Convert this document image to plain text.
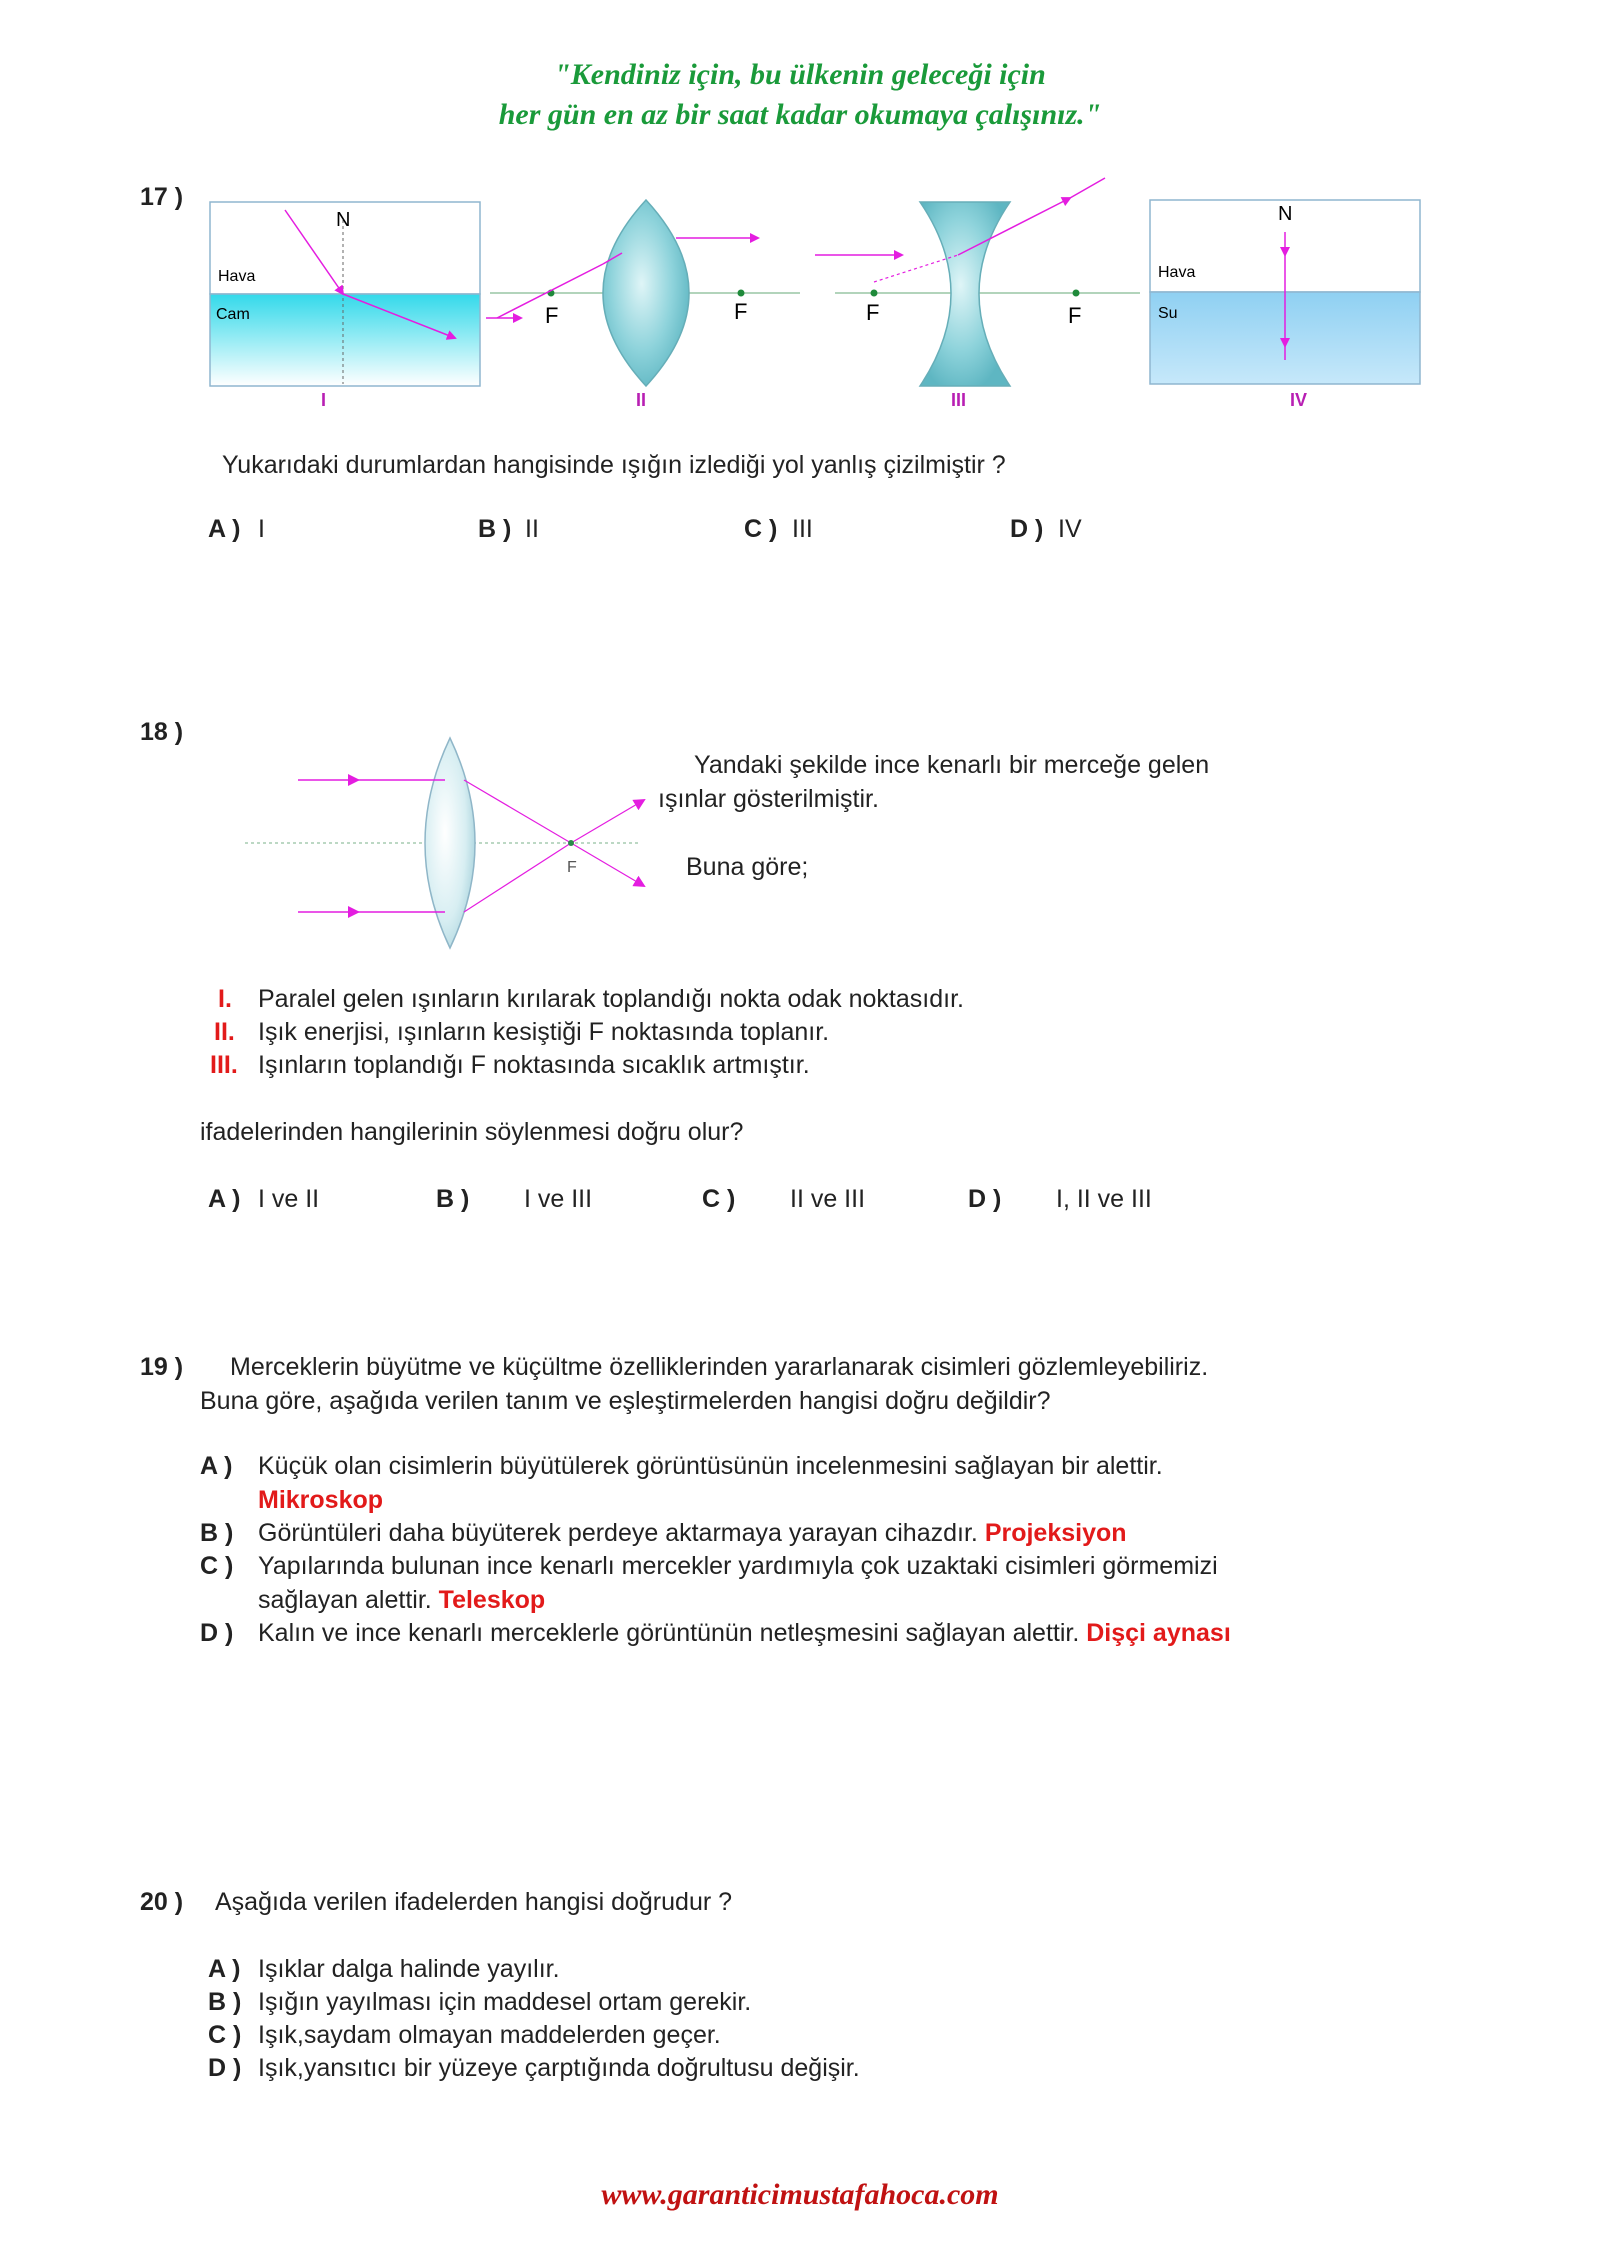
"Kendiniz için, bu ülkenin geleceği için
her gün en az bir saat kadar okumaya çalışınız."
17 )
N
Hava
Cam
I
F	F
II
F	F
III
N
Hava
Su
IV
Yukarıdaki durumlardan hangisinde ışığın izlediği yol yanlış çizilmiştir ?
A ) I	B ) II	C ) III	D ) IV
18 )
F
Yandaki şekilde ince kenarlı bir merceğe gelen
ışınlar gösterilmiştir.
Buna göre;
I. Paralel gelen ışınların kırılarak toplandığı nokta odak noktasıdır.
II. Işık enerjisi, ışınların kesiştiği F noktasında toplanır.
III. Işınların toplandığı F noktasında sıcaklık artmıştır.
ifadelerinden hangilerinin söylenmesi doğru olur?
A ) I ve II	B ) I ve III	C ) II ve III	D ) I, II ve III
19 ) Merceklerin büyütme ve küçültme özelliklerinden yararlanarak cisimleri gözlemleyebiliriz.
Buna göre, aşağıda verilen tanım ve eşleştirmelerden hangisi doğru değildir?
A ) Küçük olan cisimlerin büyütülerek görüntüsünün incelenmesini sağlayan bir alettir.
Mikroskop
B ) Görüntüleri daha büyüterek perdeye aktarmaya yarayan cihazdır. Projeksiyon
C ) Yapılarında bulunan ince kenarlı mercekler yardımıyla çok uzaktaki cisimleri görmemizi
sağlayan alettir. Teleskop
D ) Kalın ve ince kenarlı merceklerle görüntünün netleşmesini sağlayan alettir. Dişçi aynası
20 ) Aşağıda verilen ifadelerden hangisi doğrudur ?
A ) Işıklar dalga halinde yayılır.
B ) Işığın yayılması için maddesel ortam gerekir.
C ) Işık,saydam olmayan maddelerden geçer.
D ) Işık,yansıtıcı bir yüzeye çarptığında doğrultusu değişir.
www.garanticimustafahoca.com
